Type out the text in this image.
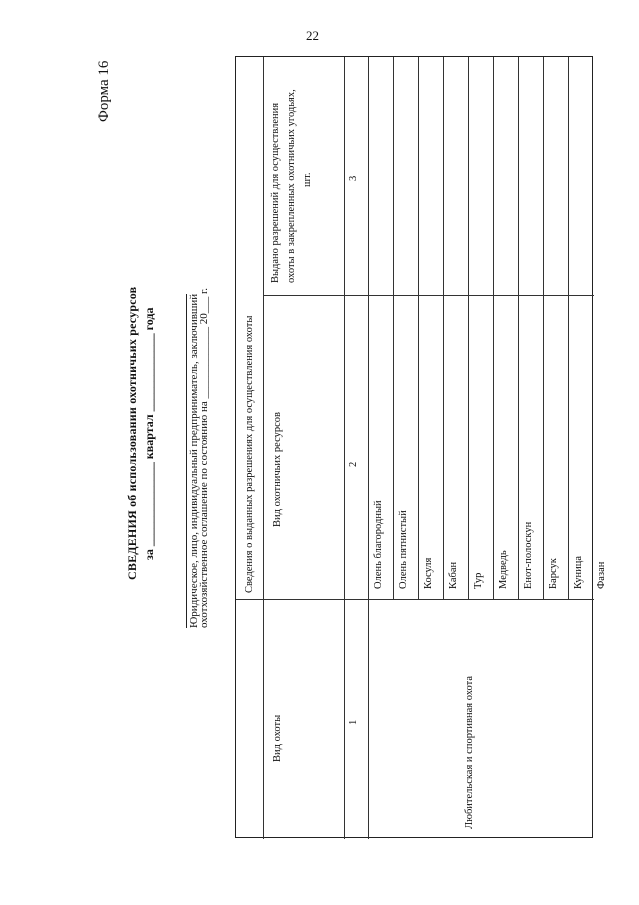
22
Форма 16
СВЕДЕНИЯ об использовании охотничьих ресурсов за ______________ квартал _____________ года	Юридическое, лицо, индивидуальный предприниматель, заключивший
охотхозяйственное соглашение по состоянию на _____________ 20___ г.	Сведения о выданных разрешениях для осуществления охоты
Вид охоты
Вид охотничьих ресурсов
Выдано разрешений для осуществления охоты в закрепленных охотничьих угодьях, шт.
1
2
3
Любительская и спортивная охота
Олень благородный Олень пятнистый Косуля Кабан Тур Медведь Енот-полоскун Барсук Куница Фазан
